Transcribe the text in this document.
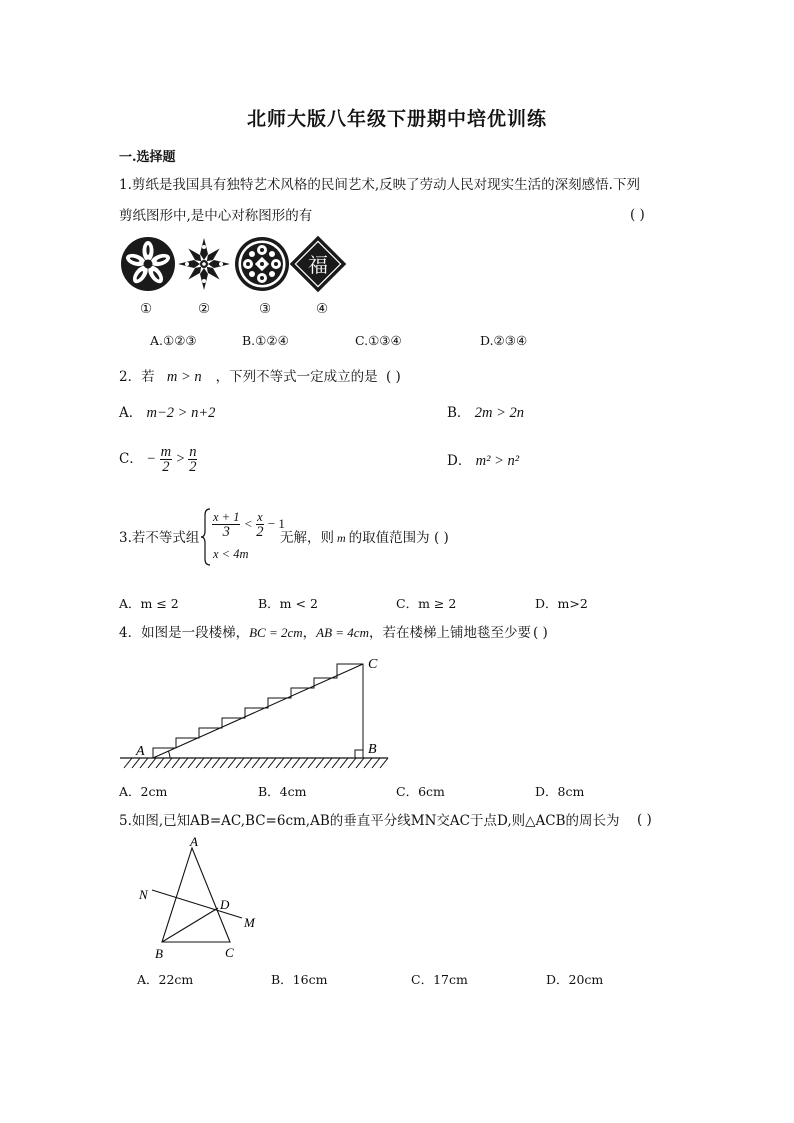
北师大版八年级下册期中培优训练
一.选择题
1.剪纸是我国具有独特艺术风格的民间艺术,反映了劳动人民对现实生活的深刻感悟.下列
剪纸图形中,是中心对称图形的有	( )
福
①	②	③	④
A.①②③	B.①②④	C.①③④	D.②③④
2．若 m > n ，下列不等式一定成立的是 ( )
A． m−2 > n+2	B． 2m > 2n
C． − $\frac{m}{2} > \frac{n}{2}$	D． m² > n²
3.若不等式组 $\frac{x + 1}{3} < \frac{x}{2} - 1$
x < 4m
无解，则 m 的取值范围为 ( )
A．m ≤ 2	B．m < 2	C．m ≥ 2	D．m>2
4．如图是一段楼梯，BC = 2cm，AB = 4cm，若在楼梯上铺地毯至少要 ( )
A	B
C
A．2cm	B．4cm	C．6cm	D．8cm
5.如图,已知AB=AC,BC=6cm,AB的垂直平分线MN交AC于点D,则△ACB的周长为 ( )
A
B	C
D
M
N
A．22cm	B．16cm	C．17cm	D．20cm
